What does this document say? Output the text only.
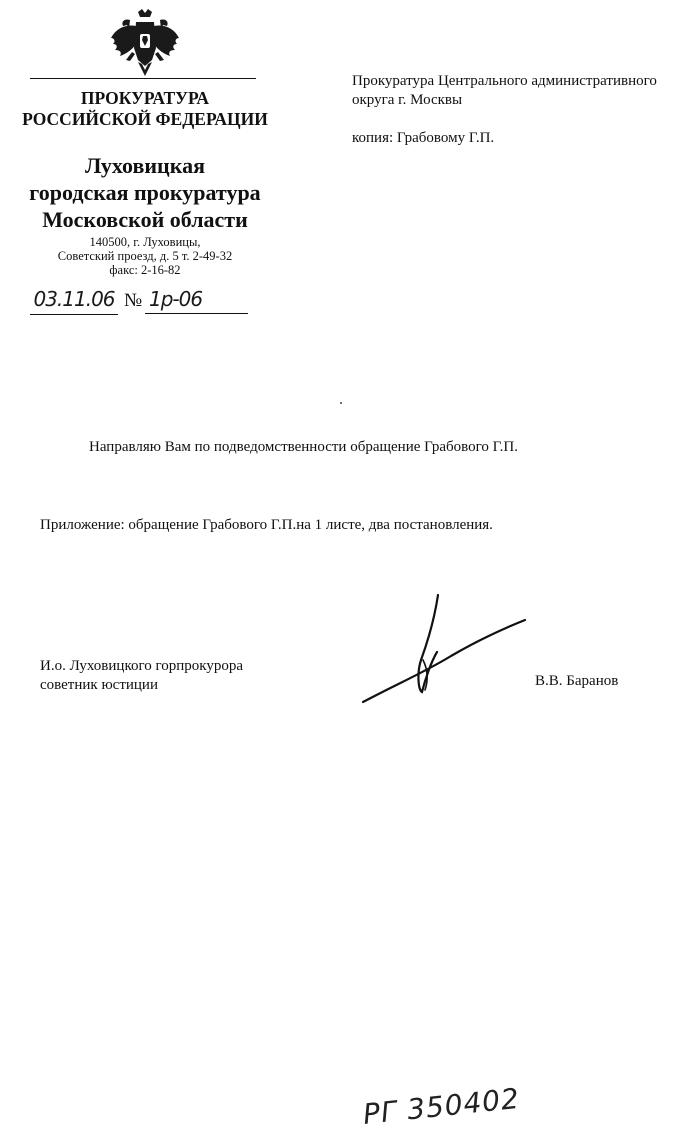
ПРОКУРАТУРА
РОССИЙСКОЙ ФЕДЕРАЦИИ
Луховицкая
городская прокуратура
Московской области
140500, г. Луховицы,
Советский проезд, д. 5 т. 2-49-32
факс: 2-16-82
03.11.06 № 1р-06
Прокуратура Центрального административного
округа г. Москвы
копия: Грабовому Г.П.
Направляю Вам по подведомственности обращение Грабового Г.П.
Приложение: обращение Грабового Г.П.на 1 листе, два постановления.
И.о. Луховицкого горпрокурора
советник юстиции	В.В. Баранов
РГ 350402
